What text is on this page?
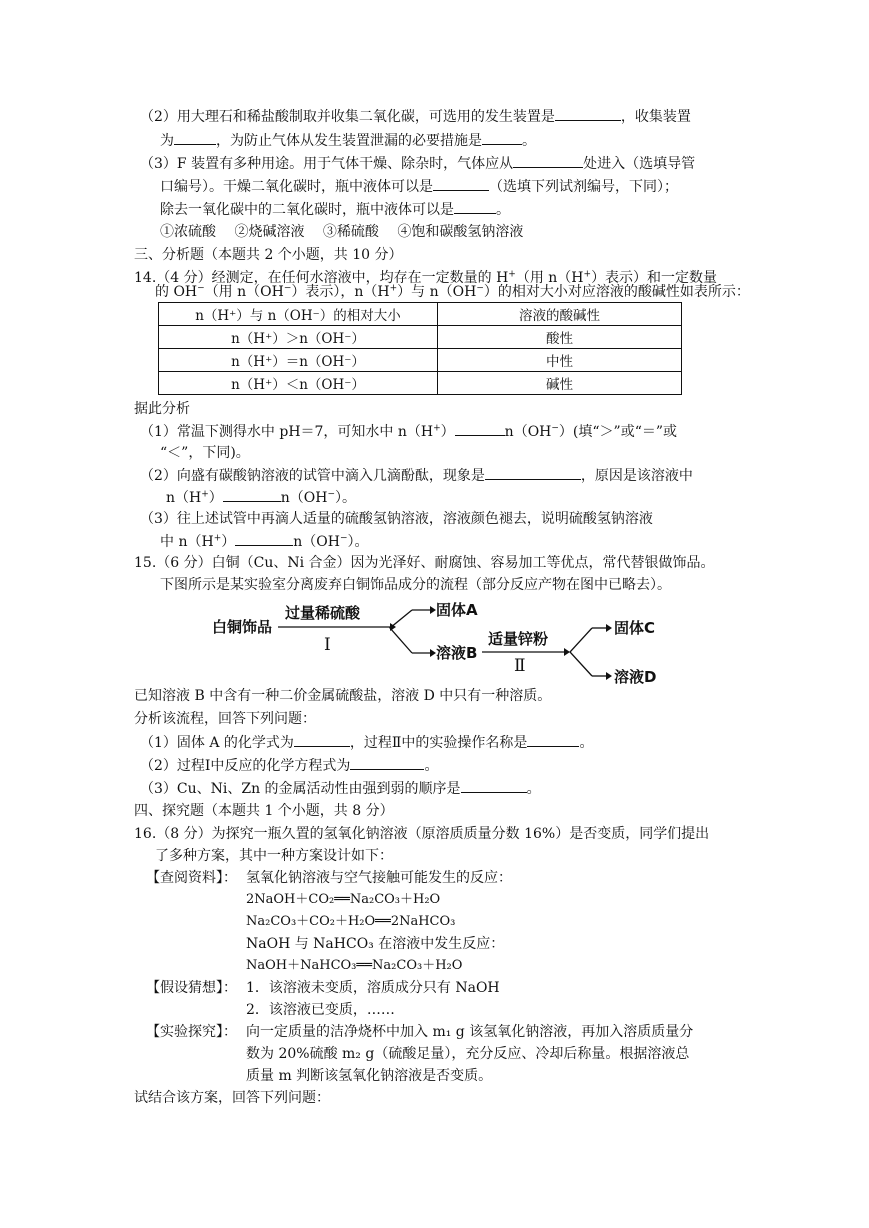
（2）用大理石和稀盐酸制取并收集二氧化碳，可选用的发生装置是	，收集装置
为	，为防止气体从发生装置泄漏的必要措施是	。
（3）F 装置有多种用途。用于气体干燥、除杂时，气体应从	处进入（选填导管
口编号）。干燥二氧化碳时，瓶中液体可以是	（选填下列试剂编号，下同）；
除去一氧化碳中的二氧化碳时，瓶中液体可以是	。
①浓硫酸　 ②烧碱溶液　 ③稀硫酸　 ④饱和碳酸氢钠溶液
三、分析题（本题共 2 个小题，共 10 分）
14.（4 分）经测定，在任何水溶液中，均存在一定数量的 H+（用 n（H+）表示）和一定数量
的 OH−（用 n（OH−）表示），n（H+）与 n（OH−）的相对大小对应溶液的酸碱性如表所示：
n（H⁺）与 n（OH⁻）的相对大小	溶液的酸碱性
n（H⁺）＞n（OH⁻）	酸性
n（H⁺）＝n（OH⁻）	中性
n（H⁺）＜n（OH⁻）	碱性
据此分析
（1）常温下测得水中 pH＝7，可知水中 n（H+）	n（OH−）(填“＞”或“＝”或
“＜”，下同)。
（2）向盛有碳酸钠溶液的试管中滴入几滴酚酞，现象是	，原因是该溶液中
n（H+）	n（OH−）。
（3）往上述试管中再滴人适量的硫酸氢钠溶液，溶液颜色褪去，说明硫酸氢钠溶液
中 n（H+）	n（OH−）。
15.（6 分）白铜（Cu、Ni 合金）因为光泽好、耐腐蚀、容易加工等优点，常代替银做饰品。
下图所示是某实验室分离废弃白铜饰品成分的流程（部分反应产物在图中已略去）。
白铜饰品
过量稀硫酸
Ⅰ
固体A
溶液B
适量锌粉
Ⅱ
固体C
溶液D
已知溶液 B 中含有一种二价金属硫酸盐，溶液 D 中只有一种溶质。
分析该流程，回答下列问题：
（1）固体 A 的化学式为	，过程Ⅱ中的实验操作名称是	。
（2）过程Ⅰ中反应的化学方程式为	。
（3）Cu、Ni、Zn 的金属活动性由强到弱的顺序是	。
四、探究题（本题共 1 个小题，共 8 分）
16.（8 分）为探究一瓶久置的氢氧化钠溶液（原溶质质量分数 16%）是否变质，同学们提出
了多种方案，其中一种方案设计如下：
【查阅资料】： 氢氧化钠溶液与空气接触可能发生的反应：
2NaOH＋CO₂══Na₂CO₃＋H₂O
Na₂CO₃＋CO₂＋H₂O══2NaHCO₃
NaOH 与 NaHCO₃ 在溶液中发生反应：
NaOH＋NaHCO₃══Na₂CO₃＋H₂O
【假设猜想】： 1．该溶液未变质，溶质成分只有 NaOH
2．该溶液已变质，……
【实验探究】： 向一定质量的洁净烧杯中加入 m₁ g 该氢氧化钠溶液，再加入溶质质量分
数为 20%硫酸 m₂ g（硫酸足量），充分反应、冷却后称量。根据溶液总
质量 m 判断该氢氧化钠溶液是否变质。
试结合该方案，回答下列问题：
